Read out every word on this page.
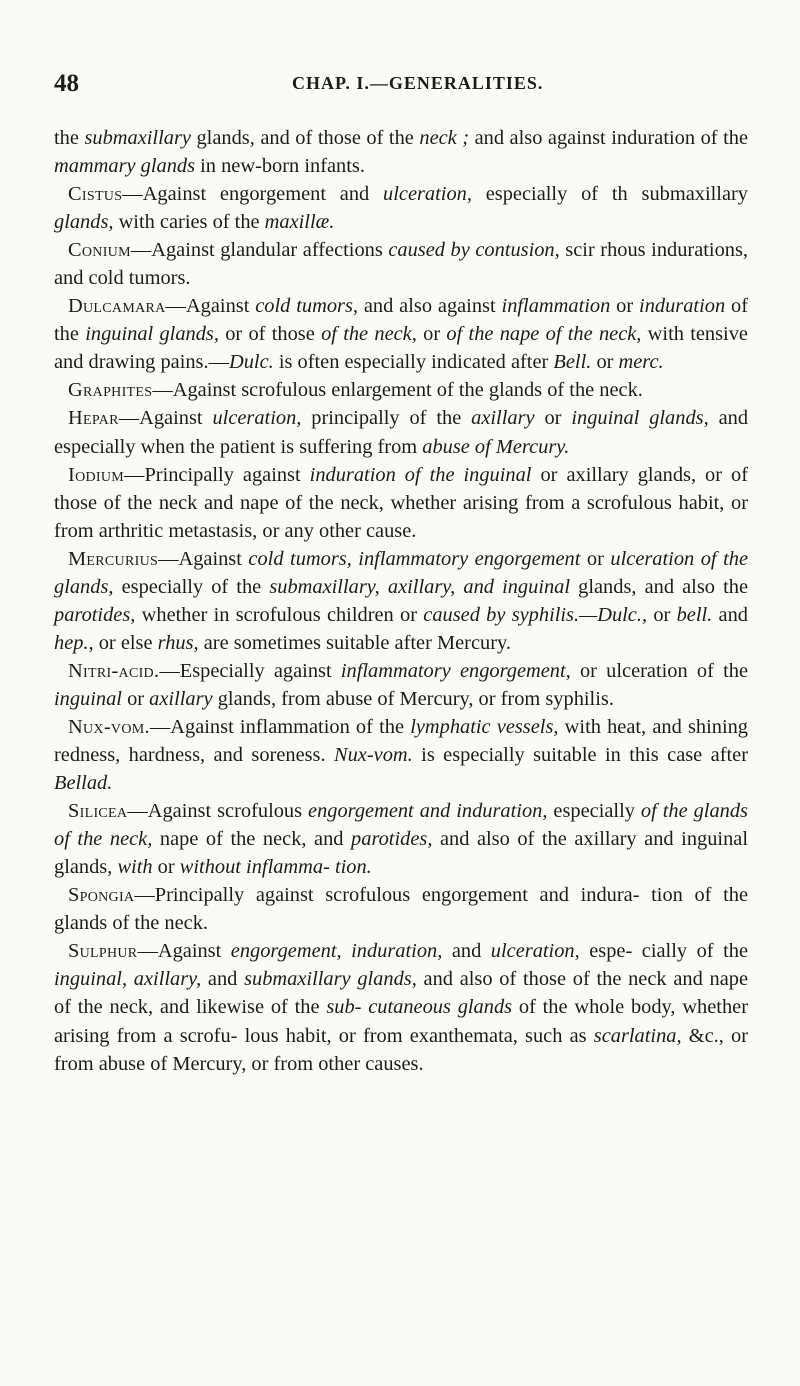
48	CHAP. I.—GENERALITIES.

the submaxillary glands, and of those of the neck ; and also against induration of the mammary glands in new-born infants.

Cistus—Against engorgement and ulceration, especially of th submaxillary glands, with caries of the maxillæ.

Conium—Against glandular affections caused by contusion, scir rhous indurations, and cold tumors.

Dulcamara—Against cold tumors, and also against inflammation or induration of the inguinal glands, or of those of the neck, or of the nape of the neck, with tensive and drawing pains.—Dulc. is often especially indicated after Bell. or merc.

Graphites—Against scrofulous enlargement of the glands of the neck.

Hepar—Against ulceration, principally of the axillary or inguinal glands, and especially when the patient is suffering from abuse of Mercury.

Iodium—Principally against induration of the inguinal or axillary glands, or of those of the neck and nape of the neck, whether arising from a scrofulous habit, or from arthritic metastasis, or any other cause.

Mercurius—Against cold tumors, inflammatory engorgement or ulceration of the glands, especially of the submaxillary, axillary, and inguinal glands, and also the parotides, whether in scrofulous children or caused by syphilis.—Dulc., or bell. and hep., or else rhus, are sometimes suitable after Mercury.

Nitri-acid.—Especially against inflammatory engorgement, or ulceration of the inguinal or axillary glands, from abuse of Mercury, or from syphilis.

Nux-vom.—Against inflammation of the lymphatic vessels, with heat, and shining redness, hardness, and soreness. Nux-vom. is especially suitable in this case after Bellad.

Silicea—Against scrofulous engorgement and induration, especially of the glands of the neck, nape of the neck, and parotides, and also of the axillary and inguinal glands, with or without inflamma- tion.

Spongia—Principally against scrofulous engorgement and indura- tion of the glands of the neck.

Sulphur—Against engorgement, induration, and ulceration, espe- cially of the inguinal, axillary, and submaxillary glands, and also of those of the neck and nape of the neck, and likewise of the sub- cutaneous glands of the whole body, whether arising from a scrofu- lous habit, or from exanthemata, such as scarlatina, &c., or from abuse of Mercury, or from other causes.
